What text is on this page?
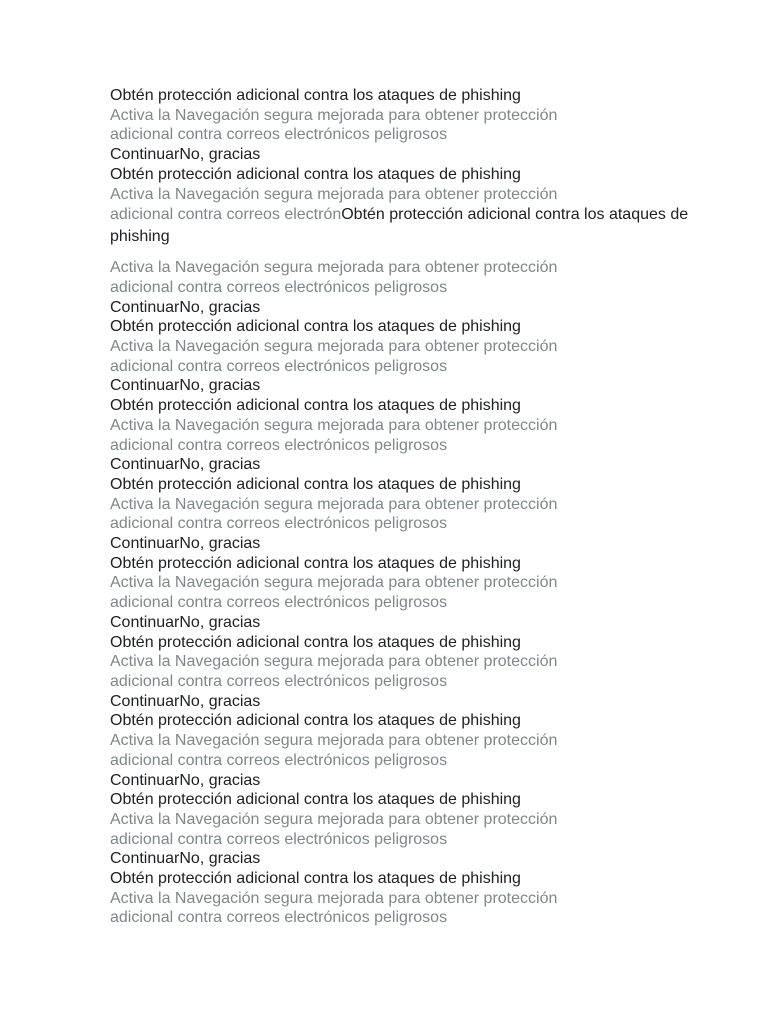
Obtén protección adicional contra los ataques de phishing
Activa la Navegación segura mejorada para obtener protección
adicional contra correos electrónicos peligrosos
ContinuarNo, gracias
Obtén protección adicional contra los ataques de phishing
Activa la Navegación segura mejorada para obtener protección
adicional contra correos electrónObtén protección adicional contra los ataques de phishing
Activa la Navegación segura mejorada para obtener protección
adicional contra correos electrónicos peligrosos
ContinuarNo, gracias
Obtén protección adicional contra los ataques de phishing
Activa la Navegación segura mejorada para obtener protección
adicional contra correos electrónicos peligrosos
ContinuarNo, gracias
Obtén protección adicional contra los ataques de phishing
Activa la Navegación segura mejorada para obtener protección
adicional contra correos electrónicos peligrosos
ContinuarNo, gracias
Obtén protección adicional contra los ataques de phishing
Activa la Navegación segura mejorada para obtener protección
adicional contra correos electrónicos peligrosos
ContinuarNo, gracias
Obtén protección adicional contra los ataques de phishing
Activa la Navegación segura mejorada para obtener protección
adicional contra correos electrónicos peligrosos
ContinuarNo, gracias
Obtén protección adicional contra los ataques de phishing
Activa la Navegación segura mejorada para obtener protección
adicional contra correos electrónicos peligrosos
ContinuarNo, gracias
Obtén protección adicional contra los ataques de phishing
Activa la Navegación segura mejorada para obtener protección
adicional contra correos electrónicos peligrosos
ContinuarNo, gracias
Obtén protección adicional contra los ataques de phishing
Activa la Navegación segura mejorada para obtener protección
adicional contra correos electrónicos peligrosos
ContinuarNo, gracias
Obtén protección adicional contra los ataques de phishing
Activa la Navegación segura mejorada para obtener protección
adicional contra correos electrónicos peligrosos
